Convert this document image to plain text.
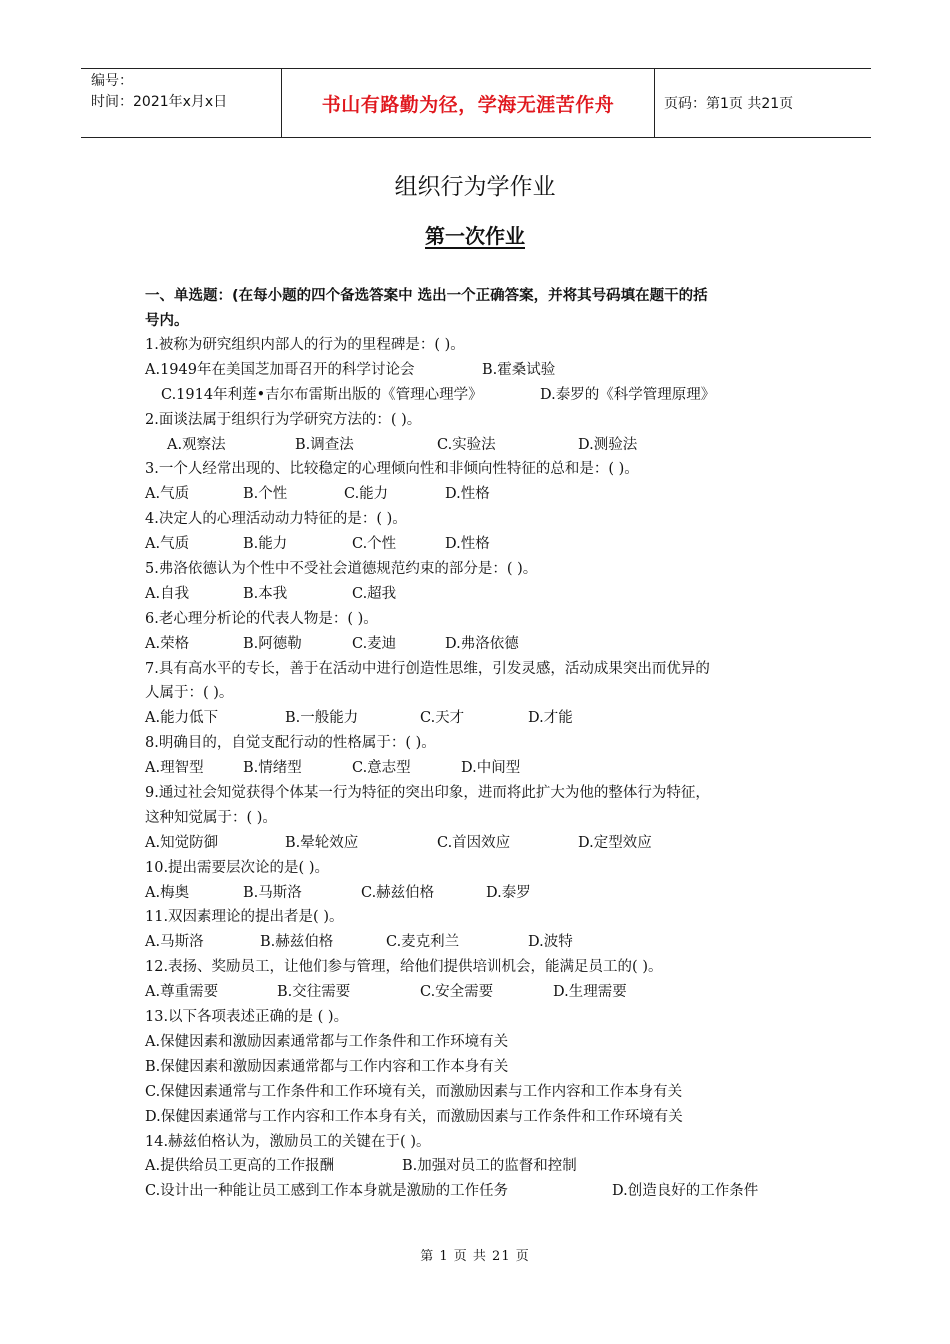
编号：
时间：2021年x月x日	书山有路勤为径，学海无涯苦作舟	页码：第1页 共21页
组织行为学作业
第一次作业
一、单选题：(在每小题的四个备选答案中 选出一个正确答案，并将其号码填在题干的括
号内。
1.被称为研究组织内部人的行为的里程碑是：( )。
A.1949年在美国芝加哥召开的科学讨论会	B.霍桑试验
C.1914年利莲•吉尔布雷斯出版的《管理心理学》	D.泰罗的《科学管理原理》
2.面谈法属于组织行为学研究方法的：( )。
A.观察法	B.调查法	C.实验法	D.测验法
3.一个人经常出现的、比较稳定的心理倾向性和非倾向性特征的总和是：( )。
A.气质	B.个性	C.能力	D.性格
4.决定人的心理活动动力特征的是：( )。
A.气质	B.能力	C.个性	D.性格
5.弗洛依德认为个性中不受社会道德规范约束的部分是：( )。
A.自我	B.本我	C.超我
6.老心理分析论的代表人物是：( )。
A.荣格	B.阿德勒	C.麦迪	D.弗洛依德
7.具有高水平的专长，善于在活动中进行创造性思维，引发灵感，活动成果突出而优异的
人属于：( )。
A.能力低下	B.一般能力	C.天才	D.才能
8.明确目的，自觉支配行动的性格属于：( )。
A.理智型	B.情绪型	C.意志型	D.中间型
9.通过社会知觉获得个体某一行为特征的突出印象，进而将此扩大为他的整体行为特征，
这种知觉属于：( )。
A.知觉防御	B.晕轮效应	C.首因效应	D.定型效应
10.提出需要层次论的是( )。
A.梅奥	B.马斯洛	C.赫兹伯格	D.泰罗
11.双因素理论的提出者是( )。
A.马斯洛	B.赫兹伯格	C.麦克利兰	D.波特
12.表扬、奖励员工，让他们参与管理，给他们提供培训机会，能满足员工的( )。
A.尊重需要	B.交往需要	C.安全需要	D.生理需要
13.以下各项表述正确的是 ( )。
A.保健因素和激励因素通常都与工作条件和工作环境有关
B.保健因素和激励因素通常都与工作内容和工作本身有关
C.保健因素通常与工作条件和工作环境有关，而激励因素与工作内容和工作本身有关
D.保健因素通常与工作内容和工作本身有关，而激励因素与工作条件和工作环境有关
14.赫兹伯格认为，激励员工的关键在于( )。
A.提供给员工更高的工作报酬	B.加强对员工的监督和控制
C.设计出一种能让员工感到工作本身就是激励的工作任务	D.创造良好的工作条件
第 1 页 共 21 页
